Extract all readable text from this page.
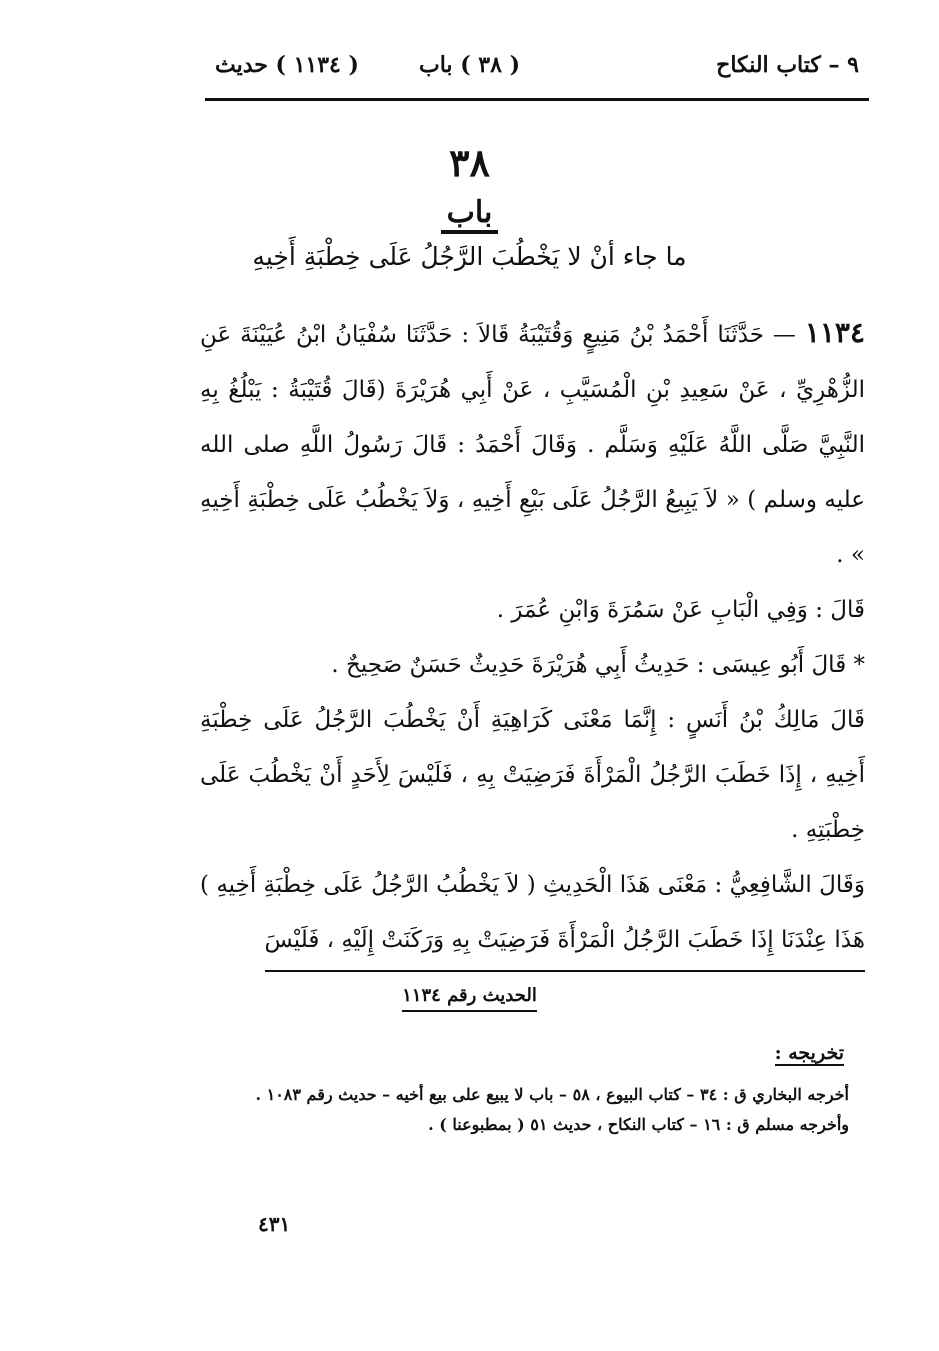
٩ – كتاب النكاح
( ٣٨ ) باب
( ١١٣٤ ) حديث
٣٨
باب
ما جاء أنْ لا يَخْطُبَ الرَّجُلُ عَلَى خِطْبَةِ أَخِيهِ

١١٣٤ — حَدَّثَنَا أَحْمَدُ بْنُ مَنِيعٍ وَقُتَيْبَةُ قَالاَ : حَدَّثَنَا سُفْيَانُ ابْنُ عُيَيْنَةَ عَنِ الزُّهْرِيِّ ، عَنْ سَعِيدِ بْنِ الْمُسَيَّبِ ، عَنْ أَبِي هُرَيْرَةَ (قَالَ قُتَيْبَةُ : يَبْلُغُ بِهِ النَّبِيَّ صَلَّى اللَّهُ عَلَيْهِ وَسَلَّم . وَقَالَ أَحْمَدُ : قَالَ رَسُولُ اللَّهِ صلى الله عليه وسلم ) « لاَ يَبِيعُ الرَّجُلُ عَلَى بَيْعِ أَخِيهِ ، وَلاَ يَخْطُبُ عَلَى خِطْبَةِ أَخِيهِ » .

قَالَ : وَفِي الْبَابِ عَنْ سَمُرَةَ وَابْنِ عُمَرَ .

* قَالَ أَبُو عِيسَى : حَدِيثُ أَبِي هُرَيْرَةَ حَدِيثٌ حَسَنٌ صَحِيحٌ .

قَالَ مَالِكُ بْنُ أَنَسٍ : إِنَّمَا مَعْنَى كَرَاهِيَةِ أَنْ يَخْطُبَ الرَّجُلُ عَلَى خِطْبَةِ أَخِيهِ ، إِذَا خَطَبَ الرَّجُلُ الْمَرْأَةَ فَرَضِيَتْ بِهِ ، فَلَيْسَ لِأَحَدٍ أَنْ يَخْطُبَ عَلَى خِطْبَتِهِ .

وَقَالَ الشَّافِعِيُّ : مَعْنَى هَذَا الْحَدِيثِ ( لاَ يَخْطُبُ الرَّجُلُ عَلَى خِطْبَةِ أَخِيهِ ) هَذَا عِنْدَنَا إِذَا خَطَبَ الرَّجُلُ الْمَرْأَةَ فَرَضِيَتْ بِهِ وَرَكَنَتْ إِلَيْهِ ، فَلَيْسَ

الحديث رقم ١١٣٤
تخريجه :

أخرجه البخاري ق : ٣٤ – كتاب البيوع ، ٥٨ – باب لا يبيع على بيع أخيه – حديث رقم ١٠٨٣ .

وأخرجه مسلم ق : ١٦ – كتاب النكاح ، حديث ٥١ ( بمطبوعنا ) .

٤٣١
